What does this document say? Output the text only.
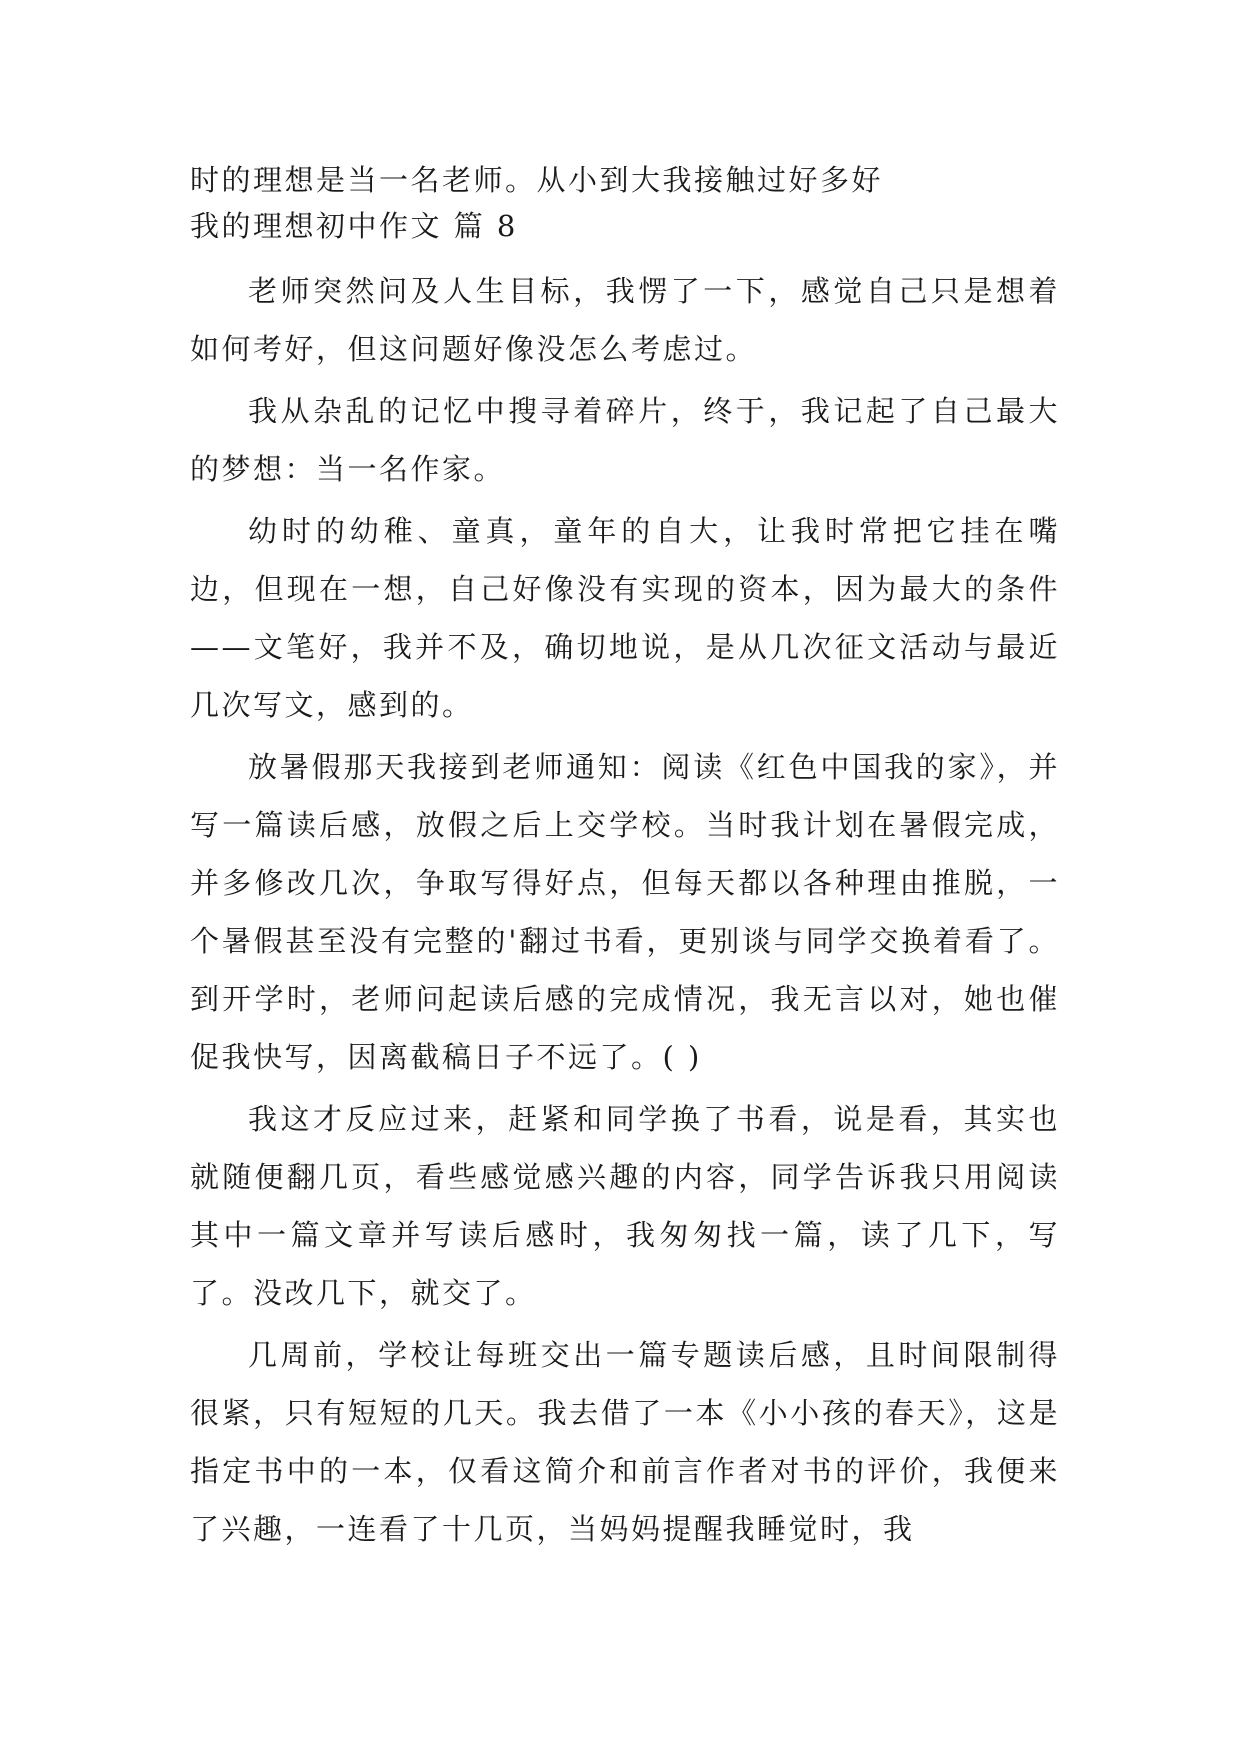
时的理想是当一名老师。从小到大我接触过好多好

我的理想初中作文 篇 8

老师突然问及人生目标，我愣了一下，感觉自己只是想着如何考好，但这问题好像没怎么考虑过。

我从杂乱的记忆中搜寻着碎片，终于，我记起了自己最大的梦想：当一名作家。

幼时的幼稚、童真，童年的自大，让我时常把它挂在嘴边，但现在一想，自己好像没有实现的资本，因为最大的条件——文笔好，我并不及，确切地说，是从几次征文活动与最近几次写文，感到的。

放暑假那天我接到老师通知：阅读《红色中国我的家》，并写一篇读后感，放假之后上交学校。当时我计划在暑假完成，并多修改几次，争取写得好点，但每天都以各种理由推脱，一个暑假甚至没有完整的'翻过书看，更别谈与同学交换着看了。到开学时，老师问起读后感的完成情况，我无言以对，她也催促我快写，因离截稿日子不远了。( )

我这才反应过来，赶紧和同学换了书看，说是看，其实也就随便翻几页，看些感觉感兴趣的内容，同学告诉我只用阅读其中一篇文章并写读后感时，我匆匆找一篇，读了几下，写了。没改几下，就交了。

几周前，学校让每班交出一篇专题读后感，且时间限制得很紧，只有短短的几天。我去借了一本《小小孩的春天》，这是指定书中的一本，仅看这简介和前言作者对书的评价，我便来了兴趣，一连看了十几页，当妈妈提醒我睡觉时，我
